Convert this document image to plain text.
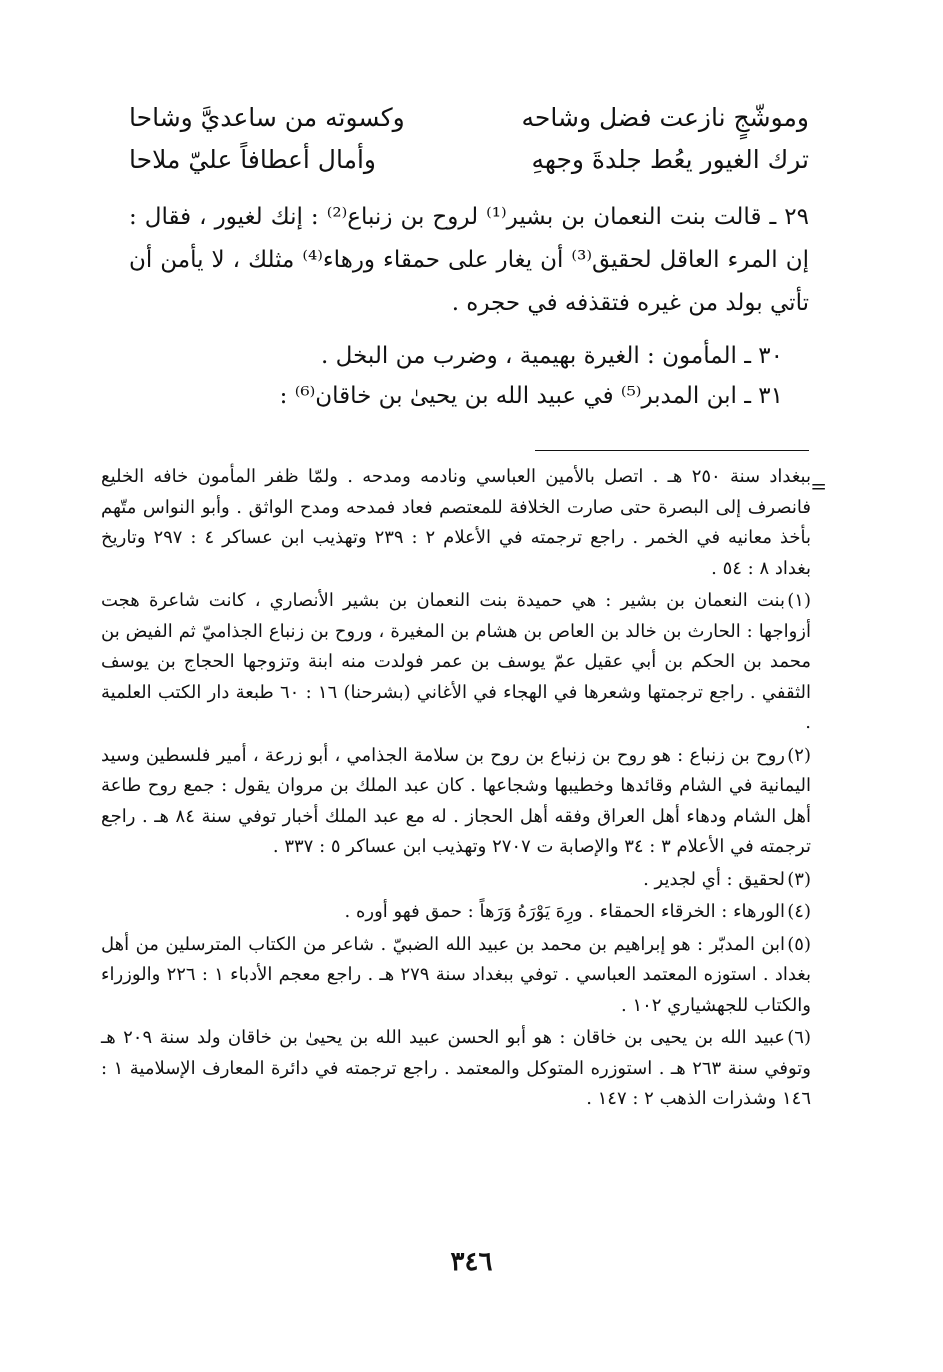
وموشّجٍ نازعت فضل وشاحه
وكسوته من ساعديَّ وشاحا
ترك الغيور يعُط جلدةَ وجههِ
وأمال أعطافاً عليّ ملاحا
٢٩ ـ قالت بنت النعمان بن بشير⁽¹⁾ لروح بن زنباع⁽²⁾ : إنك لغيور ، فقال : إن المرء العاقل لحقيق⁽³⁾ أن يغار على حمقاء ورهاء⁽⁴⁾ مثلك ، لا يأمن أن تأتي بولد من غيره فتقذفه في حجره .
٣٠ ـ المأمون : الغيرة بهيمية ، وضرب من البخل .
٣١ ـ ابن المدبر⁽⁵⁾ في عبيد الله بن يحيىٰ بن خاقان⁽⁶⁾ :
=

ببغداد سنة ٢٥٠ هـ . اتصل بالأمين العباسي ونادمه ومدحه . ولمّا ظفر المأمون خافه الخليع فانصرف إلى البصرة حتى صارت الخلافة للمعتصم فعاد فمدحه ومدح الواثق . وأبو النواس متّهم بأخذ معانيه في الخمر . راجع ترجمته في الأعلام ٢ : ٢٣٩ وتهذيب ابن عساكر ٤ : ٢٩٧ وتاريخ بغداد ٨ : ٥٤ .

(١)بنت النعمان بن بشير : هي حميدة بنت النعمان بن بشير الأنصاري ، كانت شاعرة هجت أزواجها : الحارث بن خالد بن العاص بن هشام بن المغيرة ، وروح بن زنباع الجذاميّ ثم الفيض بن محمد بن الحكم بن أبي عقيل عمّ يوسف بن عمر فولدت منه ابنة وتزوجها الحجاج بن يوسف الثقفي . راجع ترجمتها وشعرها في الهجاء في الأغاني (بشرحنا) ١٦ : ٦٠ طبعة دار الكتب العلمية .

(٢)روح بن زنباع : هو روح بن زنباع بن روح بن سلامة الجذامي ، أبو زرعة ، أمير فلسطين وسيد اليمانية في الشام وقائدها وخطيبها وشجاعها . كان عبد الملك بن مروان يقول : جمع روح طاعة أهل الشام ودهاء أهل العراق وفقه أهل الحجاز . له مع عبد الملك أخبار توفي سنة ٨٤ هـ . راجع ترجمته في الأعلام ٣ : ٣٤ والإصابة ت ٢٧٠٧ وتهذيب ابن عساكر ٥ : ٣٣٧ .

(٣)لحقيق : أي لجدير .

(٤)الورهاء : الخرقاء الحمقاء . ورِهَ يَوْرَهُ وَرَهاً : حمق فهو أوره .

(٥)ابن المدبّر : هو إبراهيم بن محمد بن عبيد الله الضبيّ . شاعر من الكتاب المترسلين من أهل بغداد . استوزه المعتمد العباسي . توفي ببغداد سنة ٢٧٩ هـ . راجع معجم الأدباء ١ : ٢٢٦ والوزراء والكتاب للجهشياري ١٠٢ .

(٦)عبيد الله بن يحيى بن خاقان : هو أبو الحسن عبيد الله بن يحيىٰ بن خاقان ولد سنة ٢٠٩ هـ وتوفي سنة ٢٦٣ هـ . استوزره المتوكل والمعتمد . راجع ترجمته في دائرة المعارف الإسلامية ١ : ١٤٦ وشذرات الذهب ٢ : ١٤٧ .

٣٤٦
